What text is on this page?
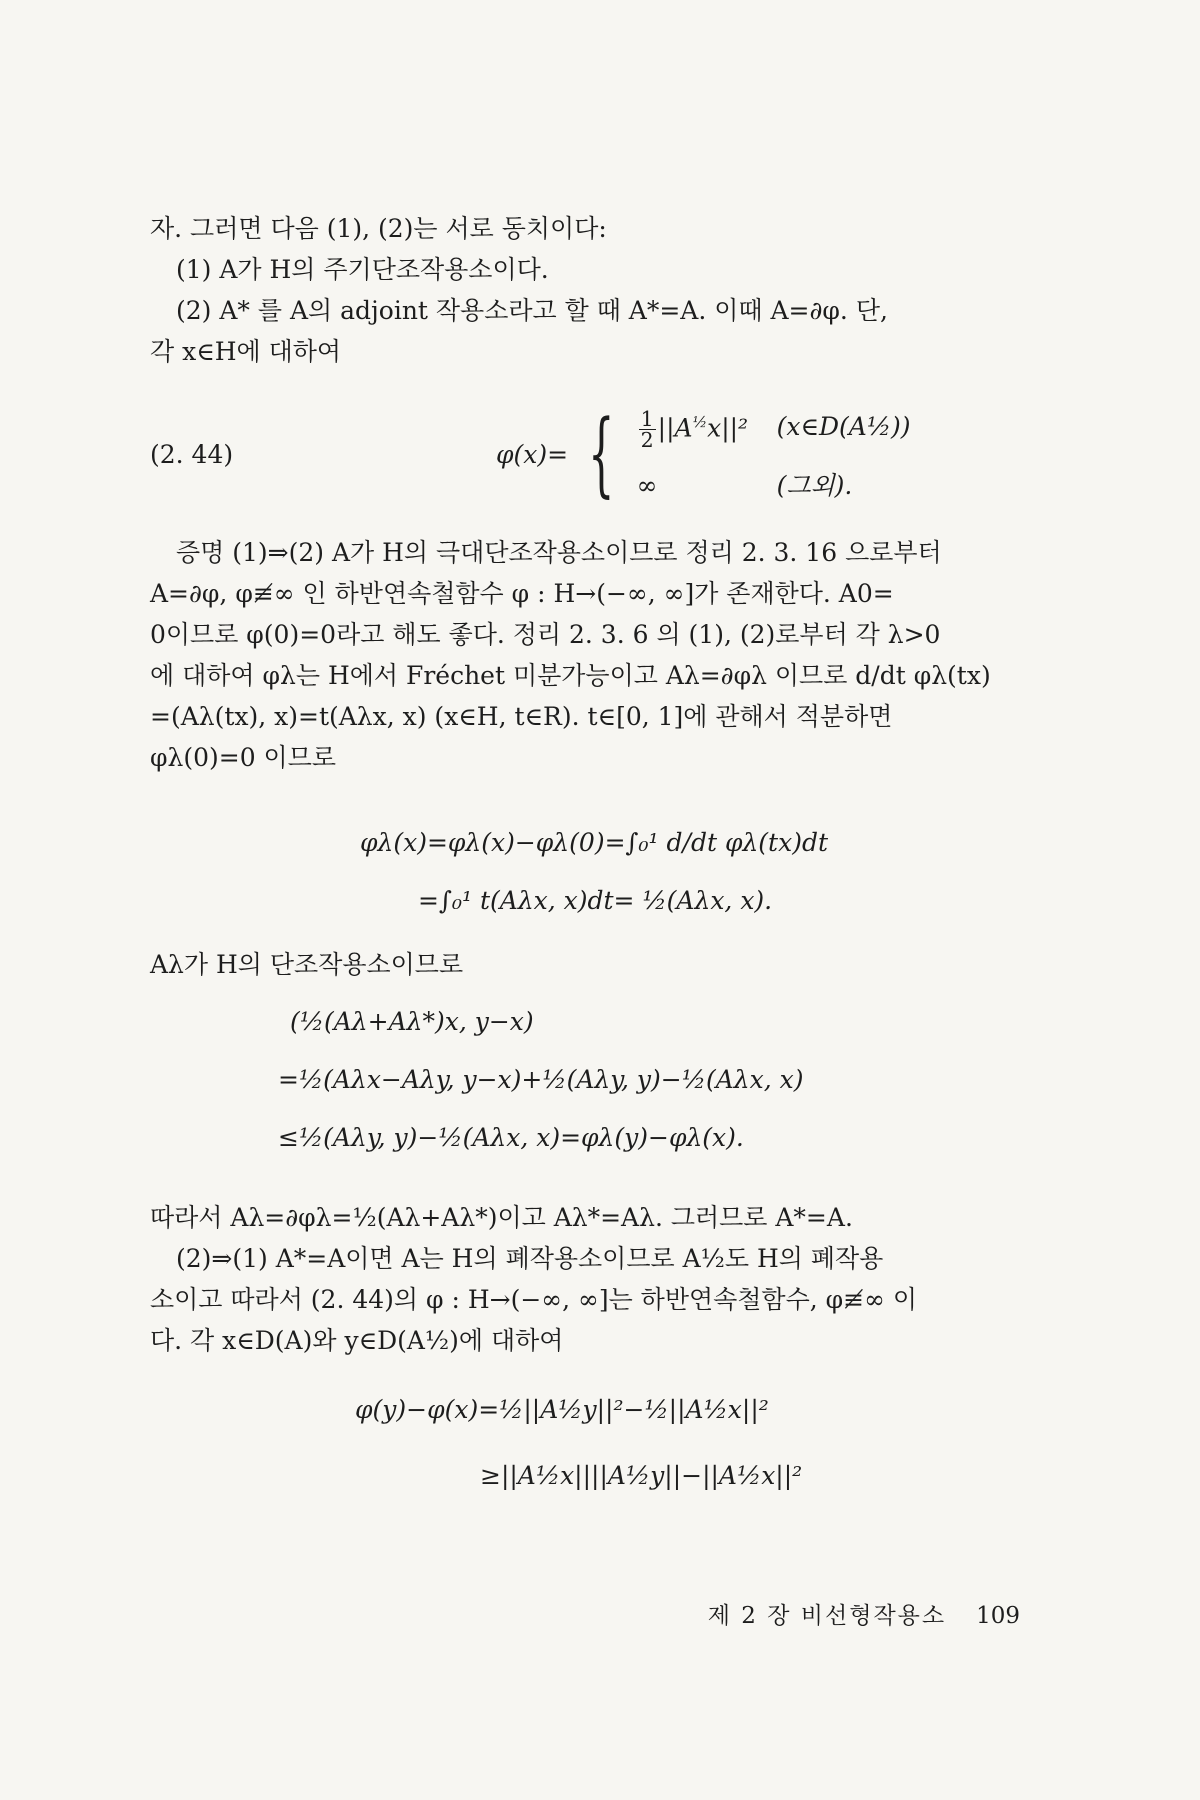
자. 그러면 다음 (1), (2)는 서로 동치이다:

(1) A가 H의 주기단조작용소이다.

(2) A* 를 A의 adjoint 작용소라고 할 때 A*=A. 이때 A=∂φ. 단,

각 x∈H에 대하여

(2. 44)	φ(x)= { $\frac{1}{2} ||A^{\frac{1}{2}}x||^2$	(x∈D(A½))
∞	(그외).

증명 (1)⇒(2) A가 H의 극대단조작용소이므로 정리 2. 3. 16 으로부터

A=∂φ, φ≢∞ 인 하반연속철함수 φ : H→(−∞, ∞]가 존재한다. A0=

0이므로 φ(0)=0라고 해도 좋다. 정리 2. 3. 6 의 (1), (2)로부터 각 λ>0

에 대하여 φλ는 H에서 Fréchet 미분가능이고 Aλ=∂φλ 이므로 d/dt φλ(tx)

=(Aλ(tx), x)=t(Aλx, x) (x∈H, t∈R). t∈[0, 1]에 관해서 적분하면

φλ(0)=0 이므로

φλ(x)=φλ(x)−φλ(0)=∫₀¹ d/dt φλ(tx)dt
=∫₀¹ t(Aλx, x)dt= ½(Aλx, x).

Aλ가 H의 단조작용소이므로

(½(Aλ+Aλ*)x, y−x)
=½(Aλx−Aλy, y−x)+½(Aλy, y)−½(Aλx, x)
≤½(Aλy, y)−½(Aλx, x)=φλ(y)−φλ(x).

따라서 Aλ=∂φλ=½(Aλ+Aλ*)이고 Aλ*=Aλ. 그러므로 A*=A.

(2)⇒(1) A*=A이면 A는 H의 폐작용소이므로 A½도 H의 폐작용

소이고 따라서 (2. 44)의 φ : H→(−∞, ∞]는 하반연속철함수, φ≢∞ 이

다. 각 x∈D(A)와 y∈D(A½)에 대하여

φ(y)−φ(x)=½||A½y||²−½||A½x||²
≥||A½x||||A½y||−||A½x||²
제 2 장 비선형작용소 109
